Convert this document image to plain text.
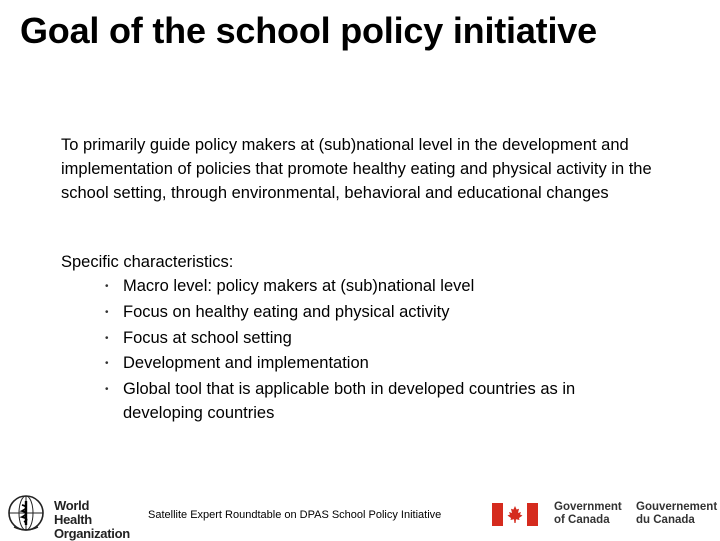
Goal of the school policy initiative
To primarily guide policy makers at (sub)national level in the development and implementation of policies that promote healthy eating and physical activity in the school setting, through environmental, behavioral and educational changes
Specific characteristics:
• Macro level: policy makers at (sub)national level
• Focus on healthy eating and physical activity
• Focus at school setting
• Development and implementation
• Global tool that is applicable both in developed countries as in developing countries
World Health
Organization
Satellite Expert Roundtable on DPAS School Policy Initiative
Government
of Canada
Gouvernement
du Canada
